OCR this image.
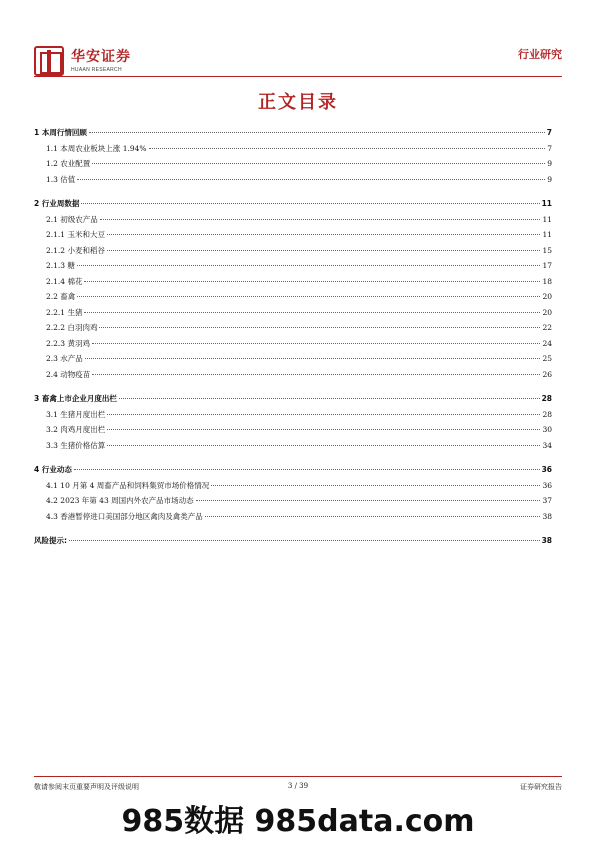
华安证券
HUAAN RESEARCH
行业研究
正文目录
1 本周行情回顾	7
1.1 本周农业板块上涨 1.94%	7
1.2 农业配置	9
1.3 估值	9
2 行业周数据	11
2.1 初级农产品	11
2.1.1 玉米和大豆	11
2.1.2 小麦和稻谷	15
2.1.3 糖	17
2.1.4 棉花	18
2.2 畜禽	20
2.2.1 生猪	20
2.2.2 白羽肉鸡	22
2.2.3 黄羽鸡	24
2.3 水产品	25
2.4 动物疫苗	26
3 畜禽上市企业月度出栏	28
3.1 生猪月度出栏	28
3.2 肉鸡月度出栏	30
3.3 生猪价格估算	34
4 行业动态	36
4.1 10 月第 4 周畜产品和饲料集贸市场价格情况	36
4.2 2023 年第 43 周国内外农产品市场动态	37
4.3 香港暂停进口美国部分地区禽肉及禽类产品	38
风险提示:	38
敬请参阅末页重要声明及评级说明	3 / 39	证券研究报告
985数据 985data.com
